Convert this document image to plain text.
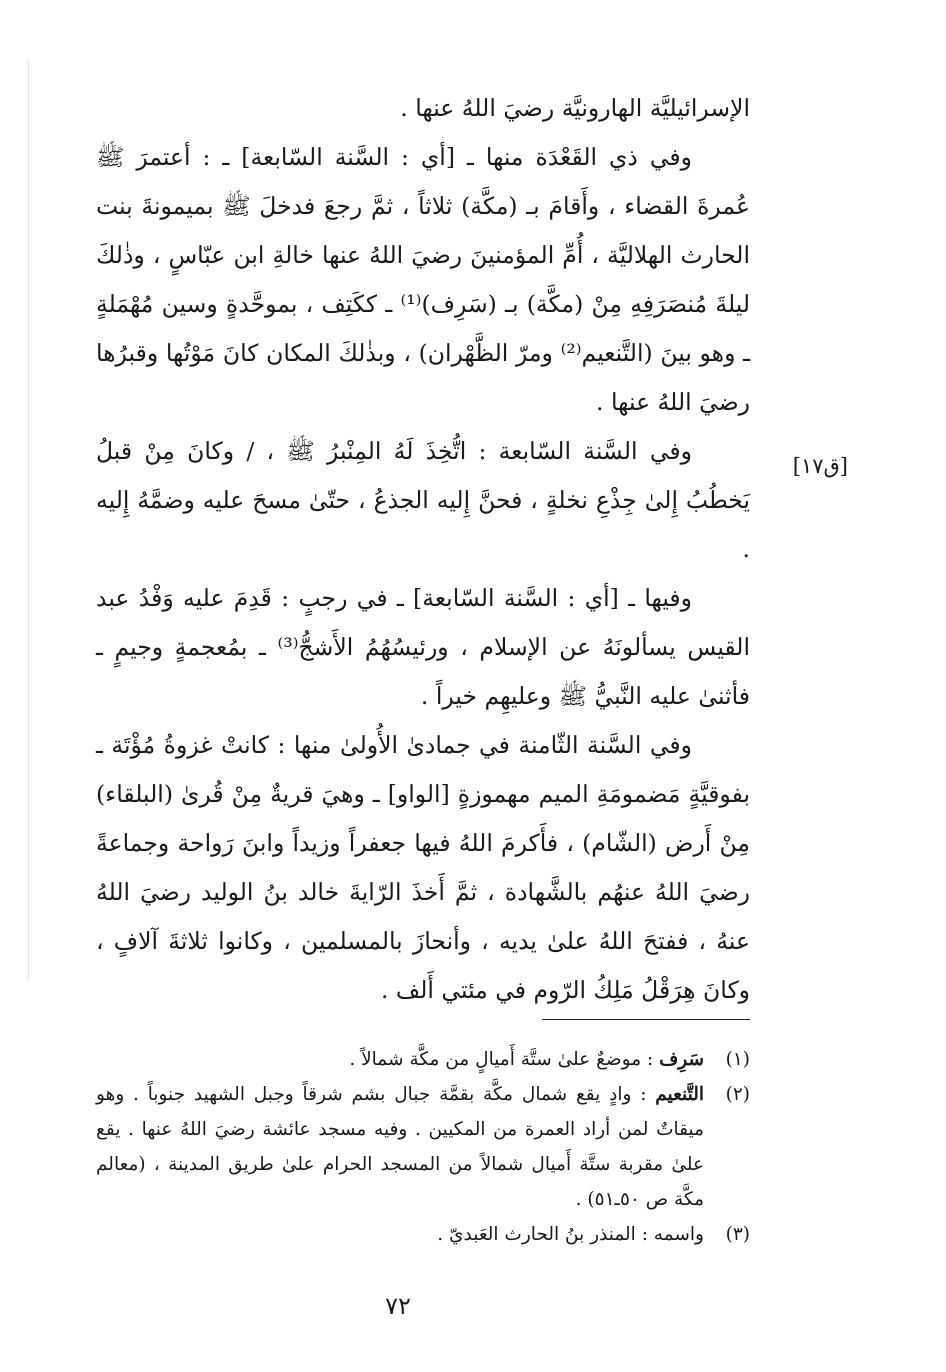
الإسرائيليَّة الهارونيَّة رضيَ اللهُ عنها .

وفي ذي القَعْدَة منها ـ [أي : السَّنة السّابعة] ـ : أعتمرَ ﷺ عُمرةَ القضاء ، وأَقامَ بـ (مكَّة) ثلاثاً ، ثمَّ رجعَ فدخلَ ﷺ بميمونةَ بنت الحارث الهلاليَّة ، أُمِّ المؤمنينَ رضيَ اللهُ عنها خالةِ ابن عبّاسٍ ، وذٰلكَ ليلةَ مُنصَرَفِهِ مِنْ (مكَّة) بـ (سَرِف)⁽¹⁾ ـ ككَتِف ، بموحَّدةٍ وسين مُهْمَلةٍ ـ وهو بينَ (التَّنعيم⁽²⁾ ومرّ الظَّهْران) ، وبذٰلكَ المكان كانَ مَوْتُها وقبرُها رضيَ اللهُ عنها .

وفي السَّنة السّابعة : اتُّخِذَ لَهُ المِنْبرُ ﷺ ، / وكانَ مِنْ قبلُ يَخطُبُ إِلىٰ جِذْعِ نخلةٍ ، فحنَّ إِليه الجذعُ ، حتّىٰ مسحَ عليه وضمَّهُ إِليه .

وفيها ـ [أي : السَّنة السّابعة] ـ في رجبٍ : قَدِمَ عليه وَفْدُ عبد القيس يسألونَهُ عن الإسلام ، ورئيسُهُمُ الأَشجُّ⁽³⁾ ـ بمُعجمةٍ وجيمٍ ـ فأثنىٰ عليه النَّبيُّ ﷺ وعليهِم خيراً .

وفي السَّنة الثّامنة في جمادىٰ الأُولىٰ منها : كانتْ غزوةُ مُؤْتَة ـ بفوقيَّةٍ مَضمومَةِ الميم مهموزةٍ [الواو] ـ وهيَ قريةٌ مِنْ قُرىٰ (البلقاء) مِنْ أَرض (الشّام) ، فأَكرمَ اللهُ فيها جعفراً وزيداً وابنَ رَواحة وجماعةً رضيَ اللهُ عنهُم بالشَّهادة ، ثمَّ أَخذَ الرّايةَ خالد بنُ الوليد رضيَ اللهُ عنهُ ، ففتحَ اللهُ علىٰ يديه ، وأنحازَ بالمسلمين ، وكانوا ثلاثةَ آلافٍ ، وكانَ هِرَقْلُ مَلِكُ الرّوم في مئتي أَلف .

[ق١٧]
(١)
سَرِف : موضعٌ علىٰ ستَّة أَميالٍ من مكَّة شمالاً .
(٢)
التَّنعيم : وادٍ يقع شمال مكَّة بقمَّة جبال بشم شرقاً وجبل الشهيد جنوباً . وهو ميقاتٌ لمن أراد العمرة من المكيين . وفيه مسجد عائشة رضيَ اللهُ عنها . يقع علىٰ مقربة ستَّة أَميال شمالاً من المسجد الحرام علىٰ طريق المدينة ، (معالم مكَّة ص ٥٠ـ٥١) .
(٣)
واسمه : المنذر بنُ الحارث العَبديّ .
٧٢
